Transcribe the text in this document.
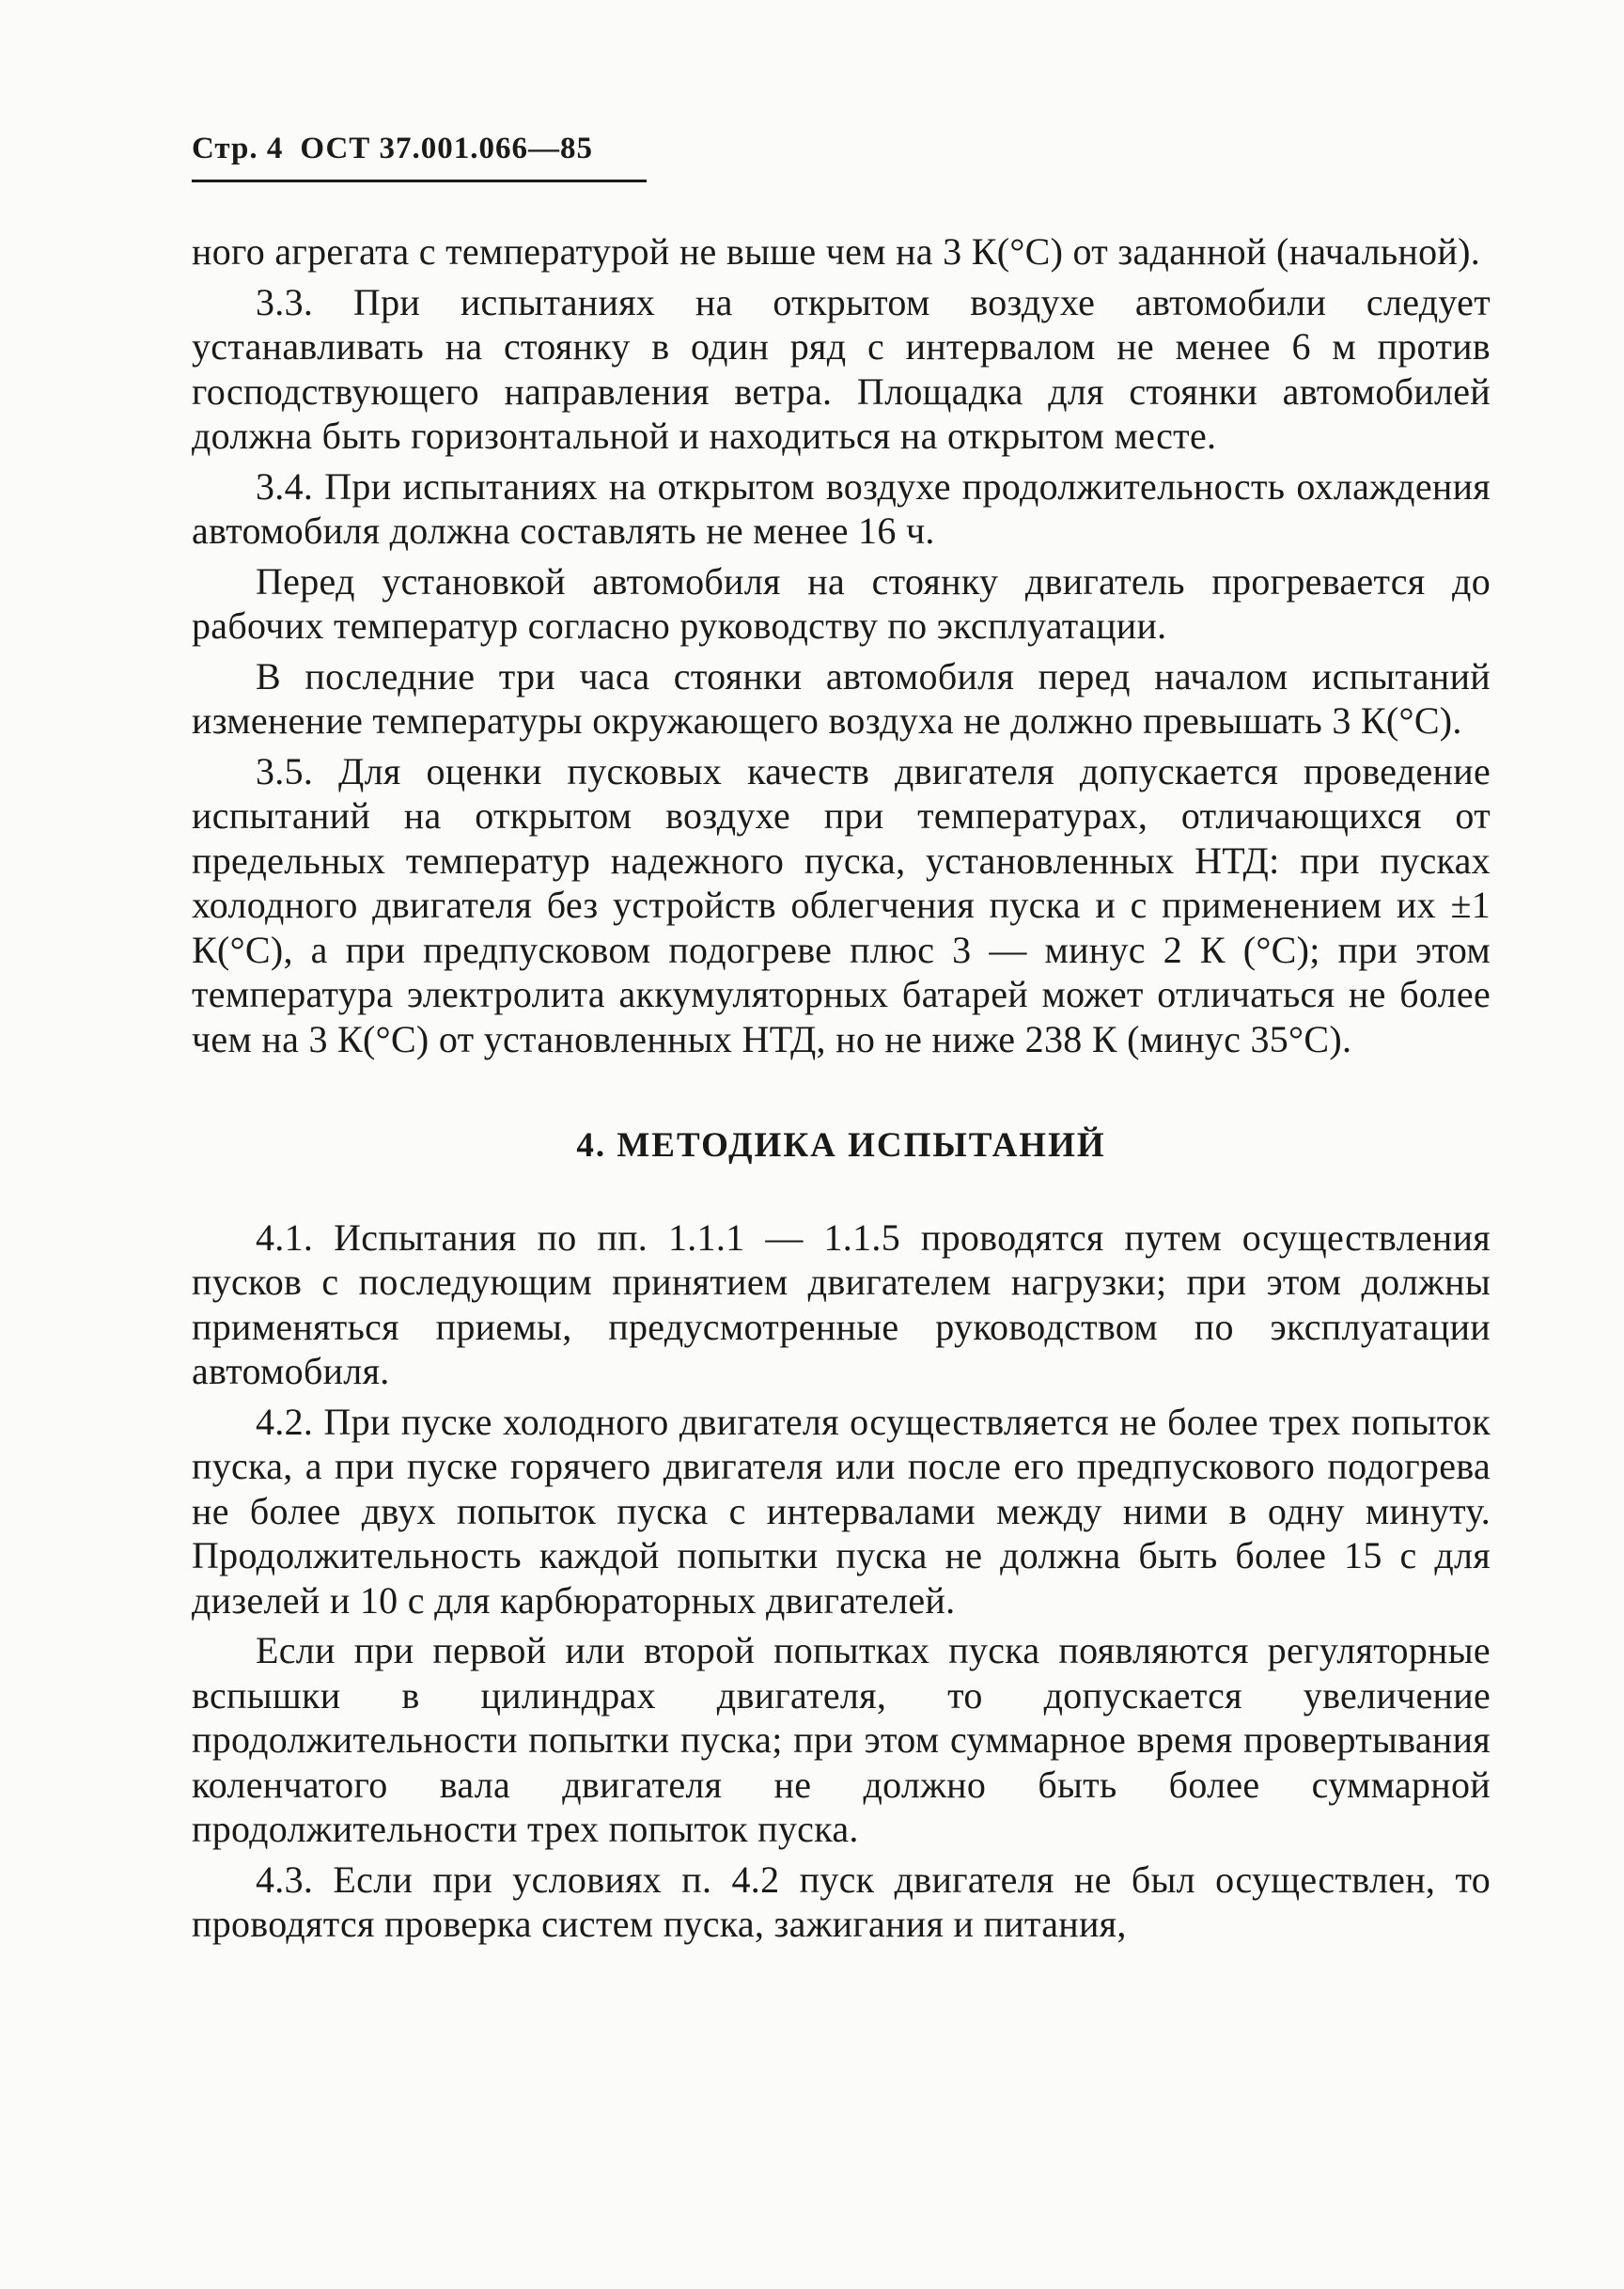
Стр. 4 ОСТ 37.001.066—85

ного агрегата с температурой не выше чем на 3 К(°С) от заданной (начальной).

3.3. При испытаниях на открытом воздухе автомобили следует устанавливать на стоянку в один ряд с интервалом не менее 6 м против господствующего направления ветра. Площадка для стоянки автомобилей должна быть горизонтальной и находиться на открытом месте.

3.4. При испытаниях на открытом воздухе продолжительность охлаждения автомобиля должна составлять не менее 16 ч.

Перед установкой автомобиля на стоянку двигатель прогревается до рабочих температур согласно руководству по эксплуатации.

В последние три часа стоянки автомобиля перед началом испытаний изменение температуры окружающего воздуха не должно превышать 3 К(°С).

3.5. Для оценки пусковых качеств двигателя допускается проведение испытаний на открытом воздухе при температурах, отличающихся от предельных температур надежного пуска, установленных НТД: при пусках холодного двигателя без устройств облегчения пуска и с применением их ±1 К(°С), а при предпусковом подогреве плюс 3 — минус 2 К (°С); при этом температура электролита аккумуляторных батарей может отличаться не более чем на 3 К(°С) от установленных НТД, но не ниже 238 К (минус 35°С).

4. МЕТОДИКА ИСПЫТАНИЙ

4.1. Испытания по пп. 1.1.1 — 1.1.5 проводятся путем осуществления пусков с последующим принятием двигателем нагрузки; при этом должны применяться приемы, предусмотренные руководством по эксплуатации автомобиля.

4.2. При пуске холодного двигателя осуществляется не более трех попыток пуска, а при пуске горячего двигателя или после его предпускового подогрева не более двух попыток пуска с интервалами между ними в одну минуту. Продолжительность каждой попытки пуска не должна быть более 15 с для дизелей и 10 с для карбюраторных двигателей.

Если при первой или второй попытках пуска появляются регуляторные вспышки в цилиндрах двигателя, то допускается увеличение продолжительности попытки пуска; при этом суммарное время провертывания коленчатого вала двигателя не должно быть более суммарной продолжительности трех попыток пуска.

4.3. Если при условиях п. 4.2 пуск двигателя не был осуществлен, то проводятся проверка систем пуска, зажигания и питания,
